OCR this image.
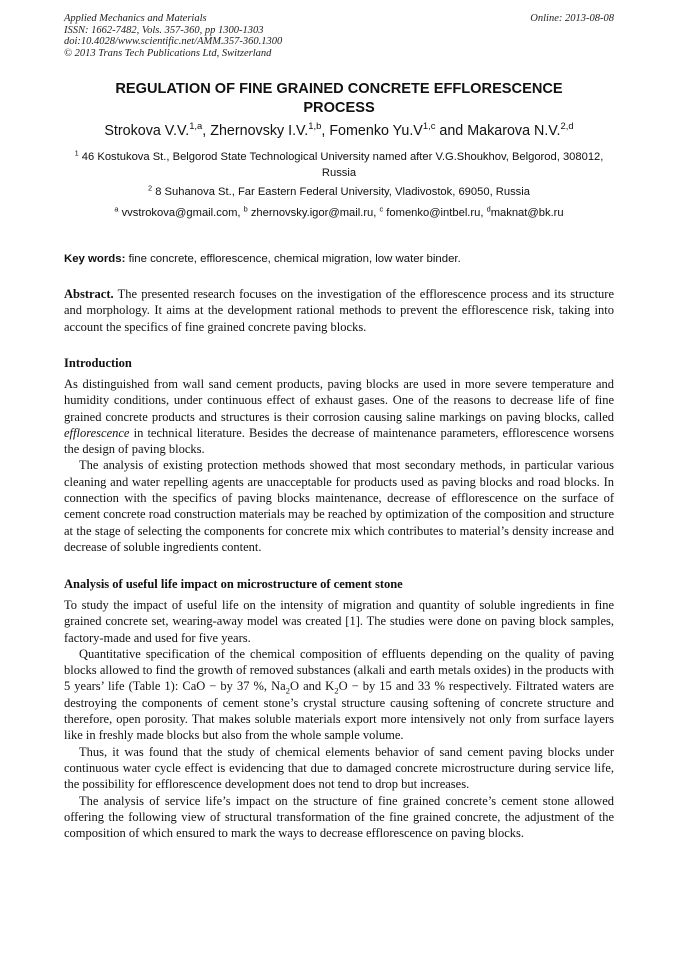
Applied Mechanics and Materials
ISSN: 1662-7482, Vols. 357-360, pp 1300-1303
doi:10.4028/www.scientific.net/AMM.357-360.1300
© 2013 Trans Tech Publications Ltd, Switzerland
Online: 2013-08-08
REGULATION OF FINE GRAINED CONCRETE EFFLORESCENCE PROCESS
Strokova V.V.$^{1,a}$, Zhernovsky I.V.$^{1,b}$, Fomenko $Yu.V^{1,c}$ and Makarova N.V.$^{2,d}$
$^1$ 46 Kostukova St., Belgorod State Technological University named after V.G.Shoukhov, Belgorod, 308012, Russia
$^2$ 8 Suhanova St., Far Eastern Federal University, Vladivostok, 69050, Russia
$^a$ vvstrokova@gmail.com, $^b$ zhernovsky.igor@mail.ru, $^c$ fomenko@intbel.ru, $^d$maknat@bk.ru
Key words: fine concrete, efflorescence, chemical migration, low water binder.

Abstract. The presented research focuses on the investigation of the efflorescence process and its structure and morphology. It aims at the development rational methods to prevent the efflorescence risk, taking into account the specifics of fine grained concrete paving blocks.

Introduction

As distinguished from wall sand cement products, paving blocks are used in more severe temperature and humidity conditions, under continuous effect of exhaust gases. One of the reasons to decrease life of fine grained concrete products and structures is their corrosion causing saline markings on paving blocks, called efflorescence in technical literature. Besides the decrease of maintenance parameters, efflorescence worsens the design of paving blocks.

The analysis of existing protection methods showed that most secondary methods, in particular various cleaning and water repelling agents are unacceptable for products used as paving blocks and road blocks. In connection with the specifics of paving blocks maintenance, decrease of efflorescence on the surface of cement concrete road construction materials may be reached by optimization of the composition and structure at the stage of selecting the components for concrete mix which contributes to material’s density increase and decrease of soluble ingredients content.

Analysis of useful life impact on microstructure of cement stone

To study the impact of useful life on the intensity of migration and quantity of soluble ingredients in fine grained concrete set, wearing-away model was created [1]. The studies were done on paving block samples, factory-made and used for five years.

Quantitative specification of the chemical composition of effluents depending on the quality of paving blocks allowed to find the growth of removed substances (alkali and earth metals oxides) in the products with 5 years’ life (Table 1): CaO − by 37 %, $Na_2O$ and $K_2O$ − by 15 and 33 % respectively. Filtrated waters are destroying the components of cement stone’s crystal structure causing softening of concrete structure and therefore, open porosity. That makes soluble materials export more intensively not only from surface layers like in freshly made blocks but also from the whole sample volume.

Thus, it was found that the study of chemical elements behavior of sand cement paving blocks under continuous water cycle effect is evidencing that due to damaged concrete microstructure during service life, the possibility for efflorescence development does not tend to drop but increases.

The analysis of service life’s impact on the structure of fine grained concrete’s cement stone allowed offering the following view of structural transformation of the fine grained concrete, the adjustment of the composition of which ensured to mark the ways to decrease efflorescence on paving blocks.
